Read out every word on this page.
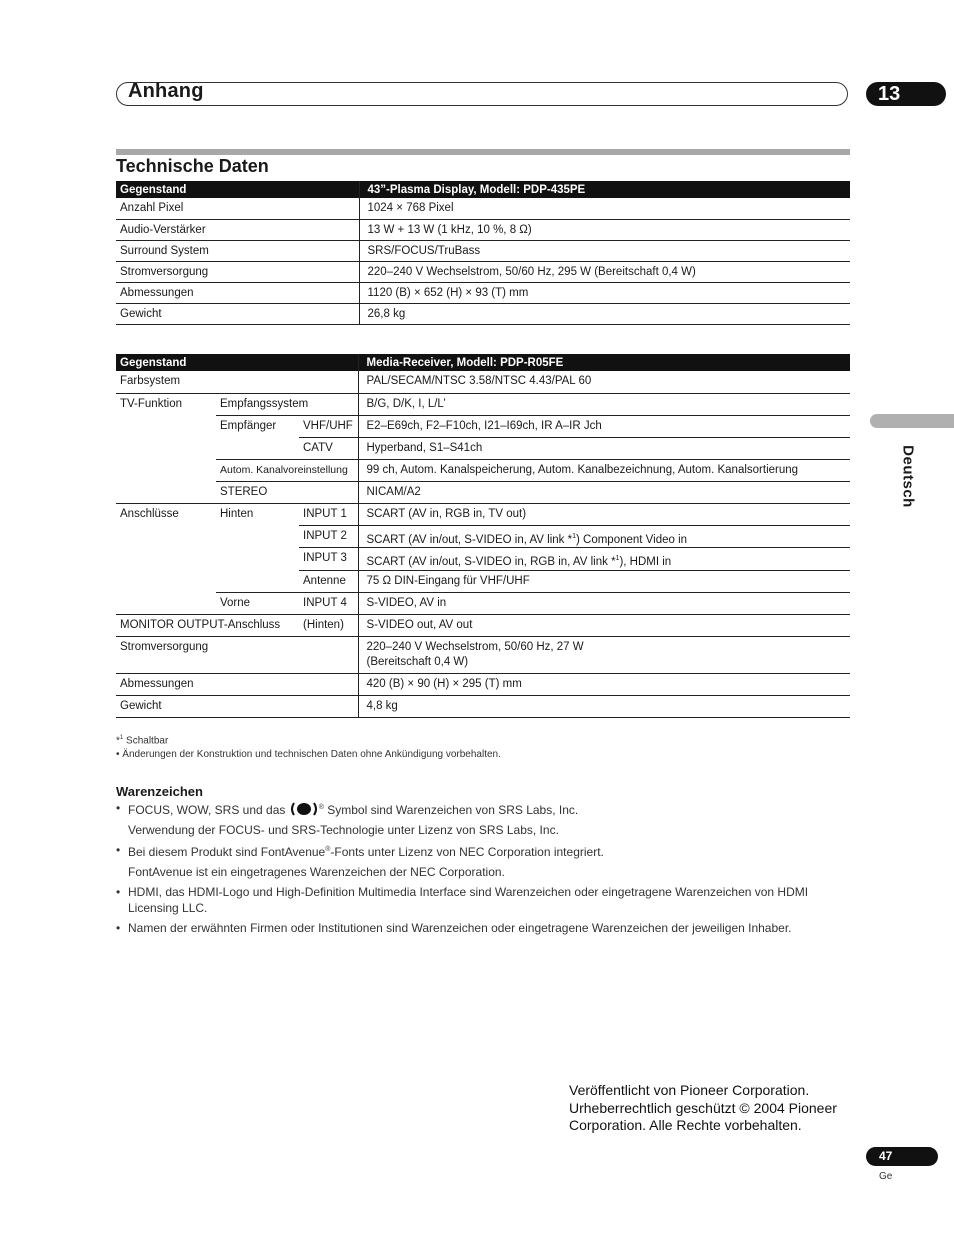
Anhang	13
Deutsch
Technische Daten
Gegenstand	43”-Plasma Display, Modell: PDP-435PE
Anzahl Pixel	1024 × 768 Pixel
Audio-Verstärker	13 W + 13 W (1 kHz, 10 %, 8 Ω)
Surround System	SRS/FOCUS/TruBass
Stromversorgung	220–240 V Wechselstrom, 50/60 Hz, 295 W (Bereitschaft 0,4 W)
Abmessungen	1120 (B) × 652 (H) × 93 (T) mm
Gewicht	26,8 kg
Gegenstand			Media-Receiver, Modell: PDP-R05FE
Farbsystem			PAL/SECAM/NTSC 3.58/NTSC 4.43/PAL 60
TV-Funktion	Empfangssystem		B/G, D/K, I, L/L’
	Empfänger	VHF/UHF	E2–E69ch, F2–F10ch, I21–I69ch, IR A–IR Jch
		CATV	Hyperband, S1–S41ch
	Autom. Kanalvoreinstellung		99 ch, Autom. Kanalspeicherung, Autom. Kanalbezeichnung, Autom. Kanalsortierung
	STEREO		NICAM/A2
Anschlüsse	Hinten	INPUT 1	SCART (AV in, RGB in, TV out)
		INPUT 2	SCART (AV in/out, S-VIDEO in, AV link *$^1$) Component Video in
		INPUT 3	SCART (AV in/out, S-VIDEO in, RGB in, AV link *$^1$), HDMI in
		Antenne	75 Ω DIN-Eingang für VHF/UHF
	Vorne	INPUT 4	S-VIDEO, AV in
MONITOR OUTPUT-Anschluss		(Hinten)	S-VIDEO out, AV out
Stromversorgung			220–240 V Wechselstrom, 50/60 Hz, 27 W
(Bereitschaft 0,4 W)

Abmessungen			420 (B) × 90 (H) × 295 (T) mm
Gewicht			4,8 kg
*$^1$ Schaltbar
• Änderungen der Konstruktion und technischen Daten ohne Ankündigung vorbehalten.
Warenzeichen
• FOCUS, WOW, SRS und das	® Symbol sind Warenzeichen von SRS Labs, Inc.
Verwendung der FOCUS- und SRS-Technologie unter Lizenz von SRS Labs, Inc.
• Bei diesem Produkt sind FontAvenue®-Fonts unter Lizenz von NEC Corporation integriert.
FontAvenue ist ein eingetragenes Warenzeichen der NEC Corporation.
• HDMI, das HDMI-Logo und High-Definition Multimedia Interface sind Warenzeichen oder eingetragene Warenzeichen von HDMI Licensing LLC.
• Namen der erwähnten Firmen oder Institutionen sind Warenzeichen oder eingetragene Warenzeichen der jeweiligen Inhaber.
Veröffentlicht von Pioneer Corporation.
Urheberrechtlich geschützt © 2004 Pioneer
Corporation. Alle Rechte vorbehalten.
47
Ge
